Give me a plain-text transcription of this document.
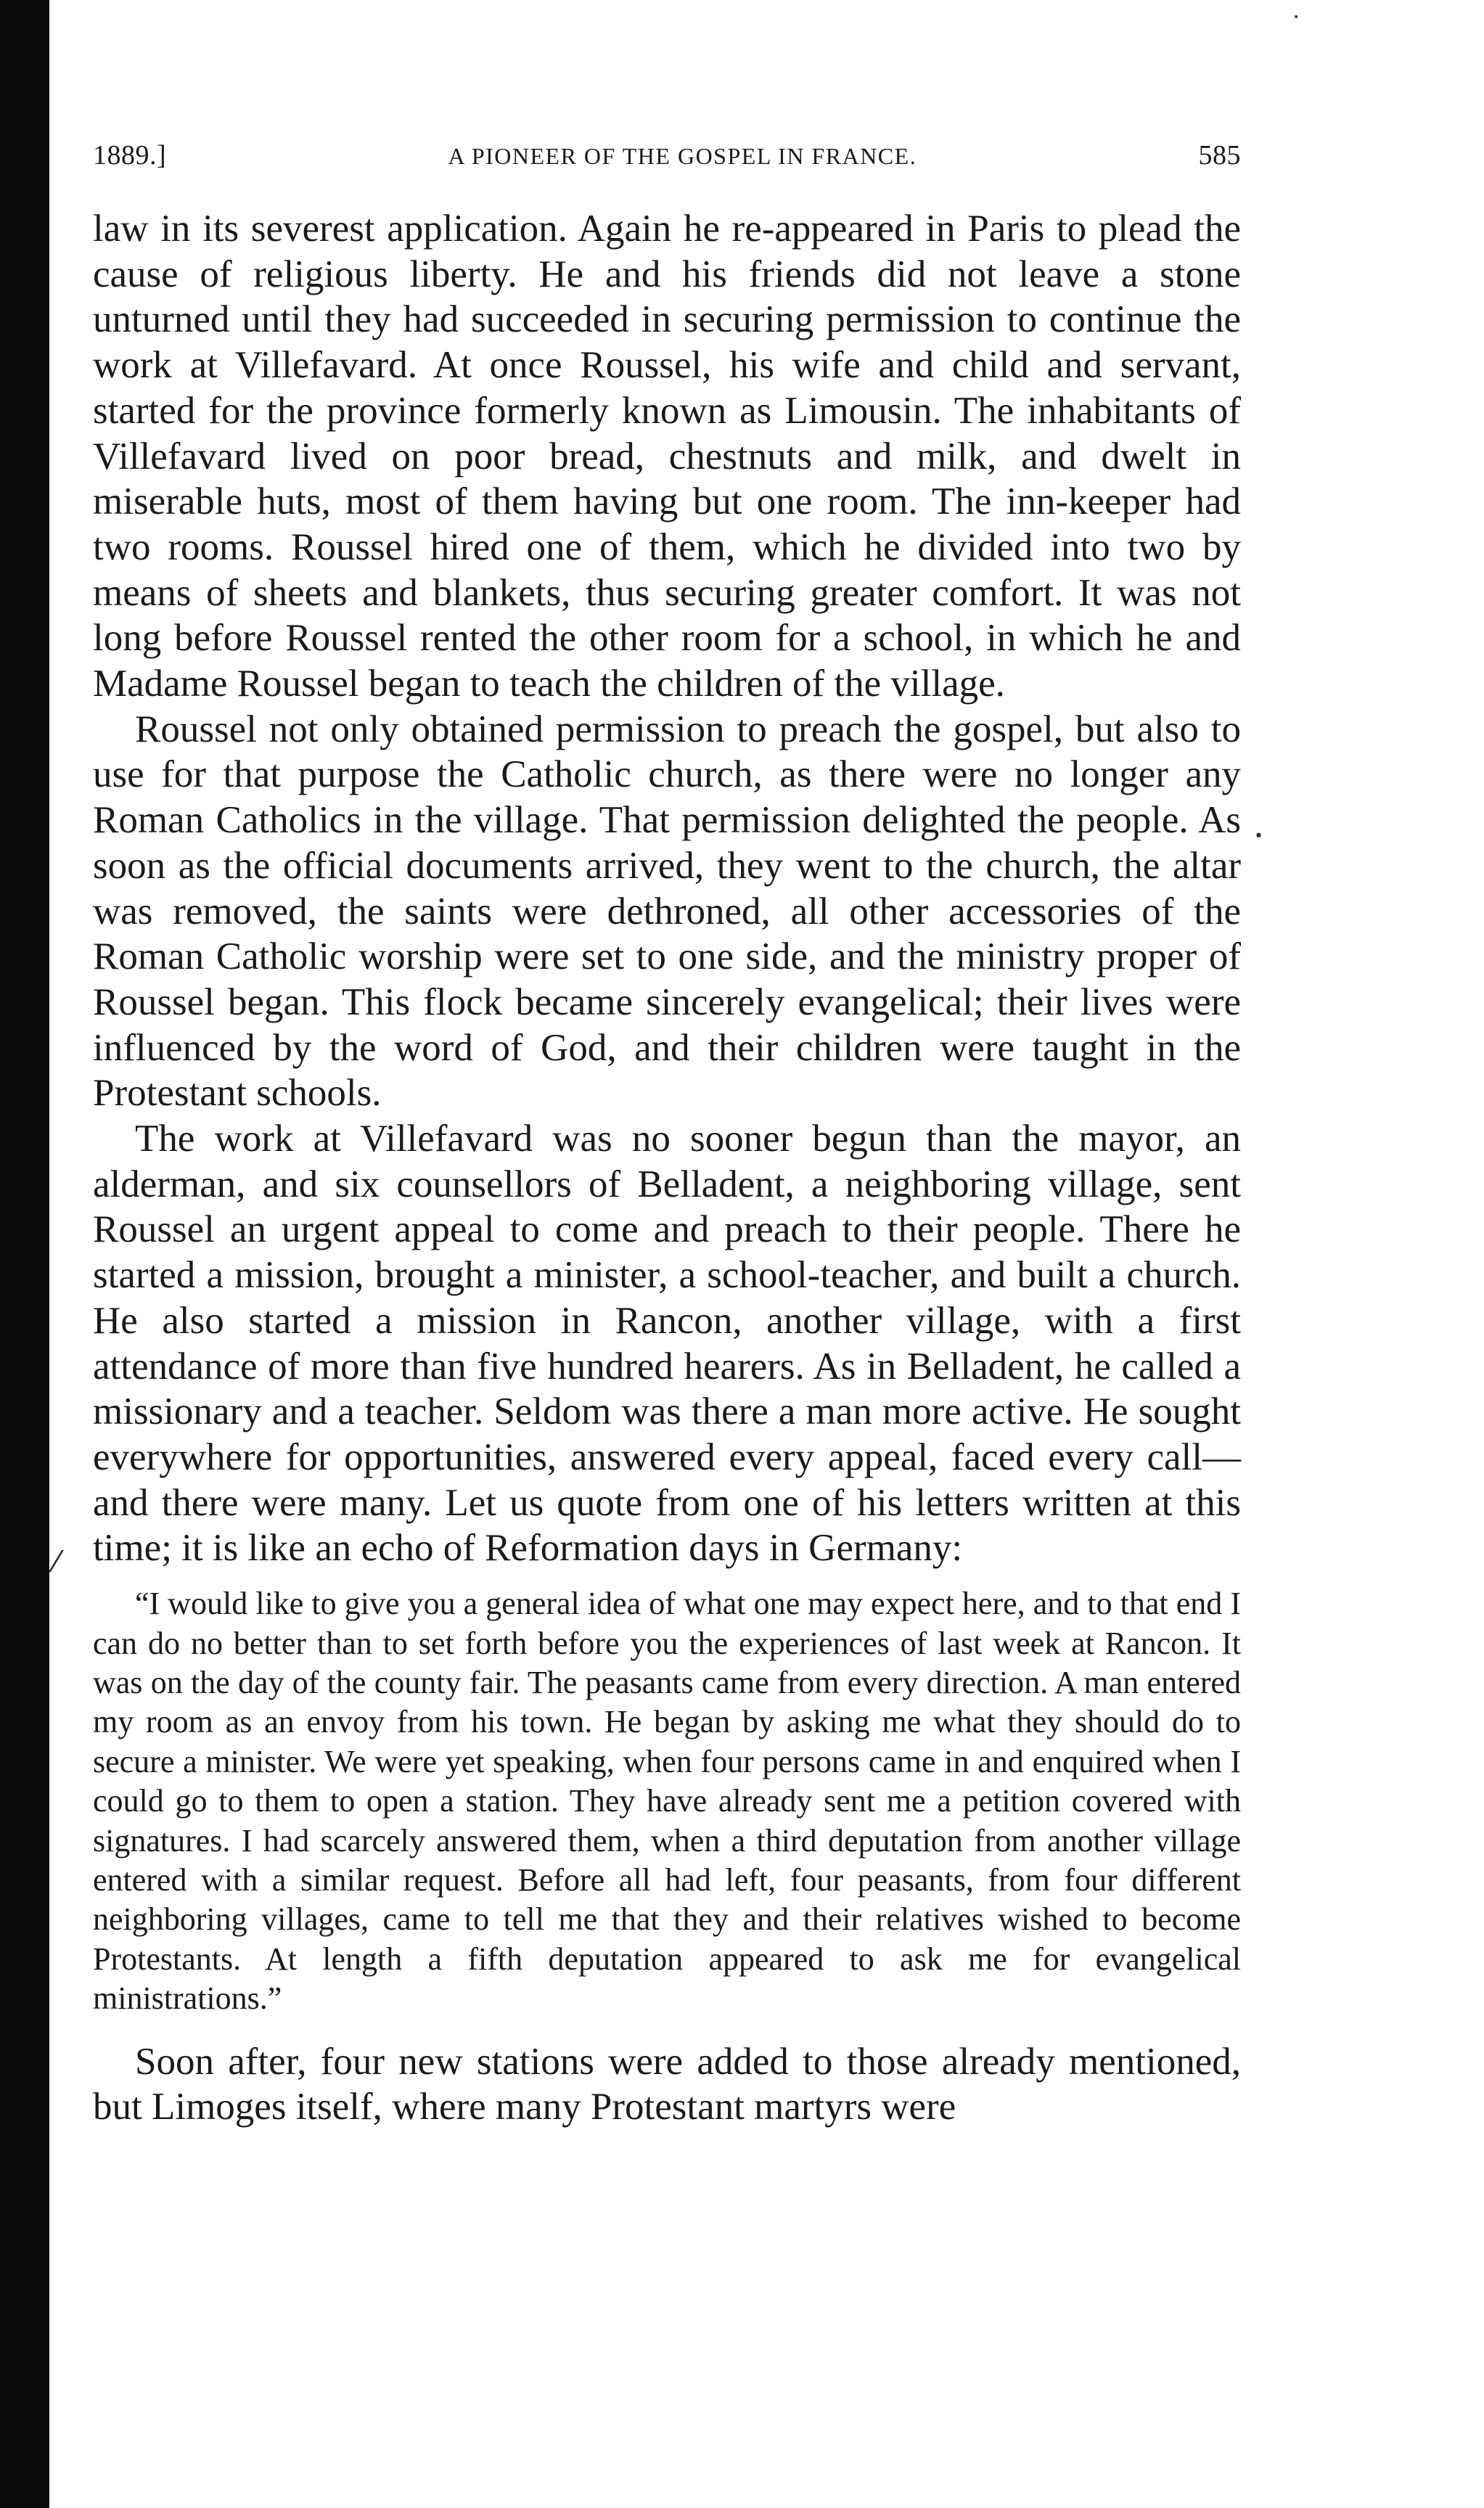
•
•
⁄
1889.]	A PIONEER OF THE GOSPEL IN FRANCE.	585

law in its severest application. Again he re-appeared in Paris to plead the cause of religious liberty. He and his friends did not leave a stone unturned until they had succeeded in securing permission to continue the work at Villefavard. At once Roussel, his wife and child and servant, started for the province formerly known as Limousin. The inhabitants of Villefavard lived on poor bread, chestnuts and milk, and dwelt in miserable huts, most of them having but one room. The inn-keeper had two rooms. Roussel hired one of them, which he divided into two by means of sheets and blankets, thus securing greater comfort. It was not long before Roussel rented the other room for a school, in which he and Madame Roussel began to teach the children of the village.

Roussel not only obtained permission to preach the gospel, but also to use for that purpose the Catholic church, as there were no longer any Roman Catholics in the village. That permission delighted the people. As soon as the official documents arrived, they went to the church, the altar was removed, the saints were dethroned, all other accessories of the Roman Catholic worship were set to one side, and the ministry proper of Roussel began. This flock became sincerely evangelical; their lives were influenced by the word of God, and their children were taught in the Protestant schools.

The work at Villefavard was no sooner begun than the mayor, an alderman, and six counsellors of Belladent, a neighboring village, sent Roussel an urgent appeal to come and preach to their people. There he started a mission, brought a minister, a school-teacher, and built a church. He also started a mission in Rancon, another village, with a first attendance of more than five hundred hearers. As in Belladent, he called a missionary and a teacher. Seldom was there a man more active. He sought everywhere for opportunities, answered every appeal, faced every call—and there were many. Let us quote from one of his letters written at this time; it is like an echo of Reformation days in Germany:

“I would like to give you a general idea of what one may expect here, and to that end I can do no better than to set forth before you the experiences of last week at Rancon. It was on the day of the county fair. The peasants came from every direction. A man entered my room as an envoy from his town. He began by asking me what they should do to secure a minister. We were yet speaking, when four persons came in and enquired when I could go to them to open a station. They have already sent me a petition covered with signatures. I had scarcely answered them, when a third deputation from another village entered with a similar request. Before all had left, four peasants, from four different neighboring villages, came to tell me that they and their relatives wished to become Protestants. At length a fifth deputation appeared to ask me for evangelical ministrations.”

Soon after, four new stations were added to those already mentioned, but Limoges itself, where many Protestant martyrs were
